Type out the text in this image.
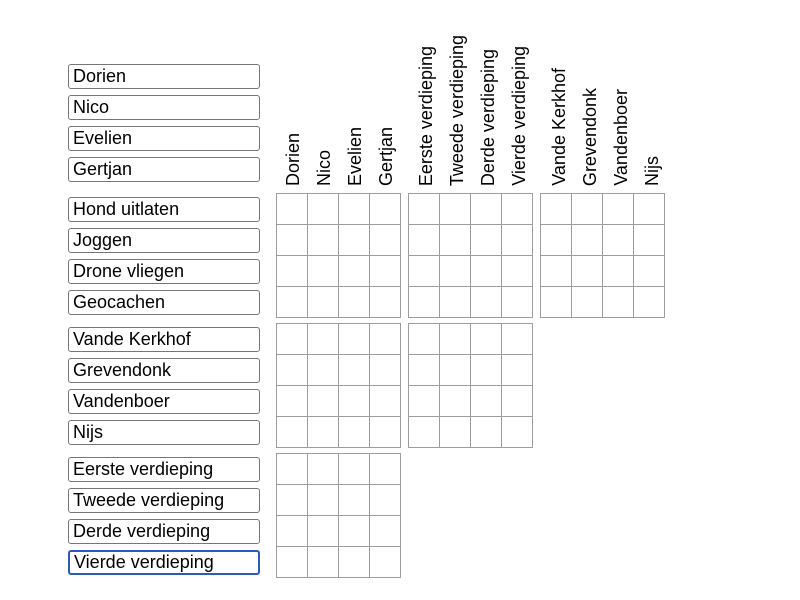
Dorien
Nico
Evelien
Gertjan
Dorien Nico Evelien Gertjan Eerste verdieping Tweede verdieping Derde verdieping Vierde verdieping Vande Kerkhof Grevendonk Vandenboer Nijs
Hond uitlaten
Joggen
Drone vliegen
Geocachen
Vande Kerkhof
Grevendonk
Vandenboer
Nijs
Eerste verdieping
Tweede verdieping
Derde verdieping
Vierde verdieping
